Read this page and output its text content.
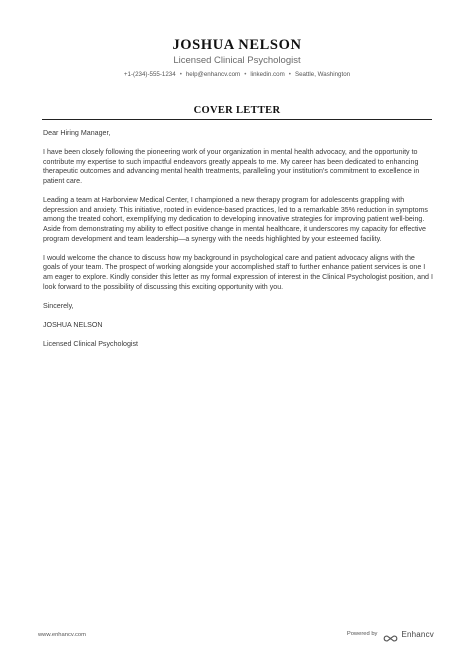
JOSHUA NELSON
Licensed Clinical Psychologist
+1-(234)-555-1234 • help@enhancv.com • linkedin.com • Seattle, Washington
COVER LETTER

Dear Hiring Manager,

I have been closely following the pioneering work of your organization in mental health advocacy, and the opportunity to contribute my expertise to such impactful endeavors greatly appeals to me. My career has been dedicated to enhancing therapeutic outcomes and advancing mental health treatments, paralleling your institution's commitment to excellence in patient care.

Leading a team at Harborview Medical Center, I championed a new therapy program for adolescents grappling with depression and anxiety. This initiative, rooted in evidence-based practices, led to a remarkable 35% reduction in symptoms among the treated cohort, exemplifying my dedication to developing innovative strategies for improving patient well-being. Aside from demonstrating my ability to effect positive change in mental healthcare, it underscores my capacity for effective program development and team leadership—a synergy with the needs highlighted by your esteemed facility.

I would welcome the chance to discuss how my background in psychological care and patient advocacy aligns with the goals of your team. The prospect of working alongside your accomplished staff to further enhance patient services is one I am eager to explore. Kindly consider this letter as my formal expression of interest in the Clinical Psychologist position, and I look forward to the possibility of discussing this exciting opportunity with you.

Sincerely,

JOSHUA NELSON

Licensed Clinical Psychologist

www.enhancv.com	Powered by	Enhancv
